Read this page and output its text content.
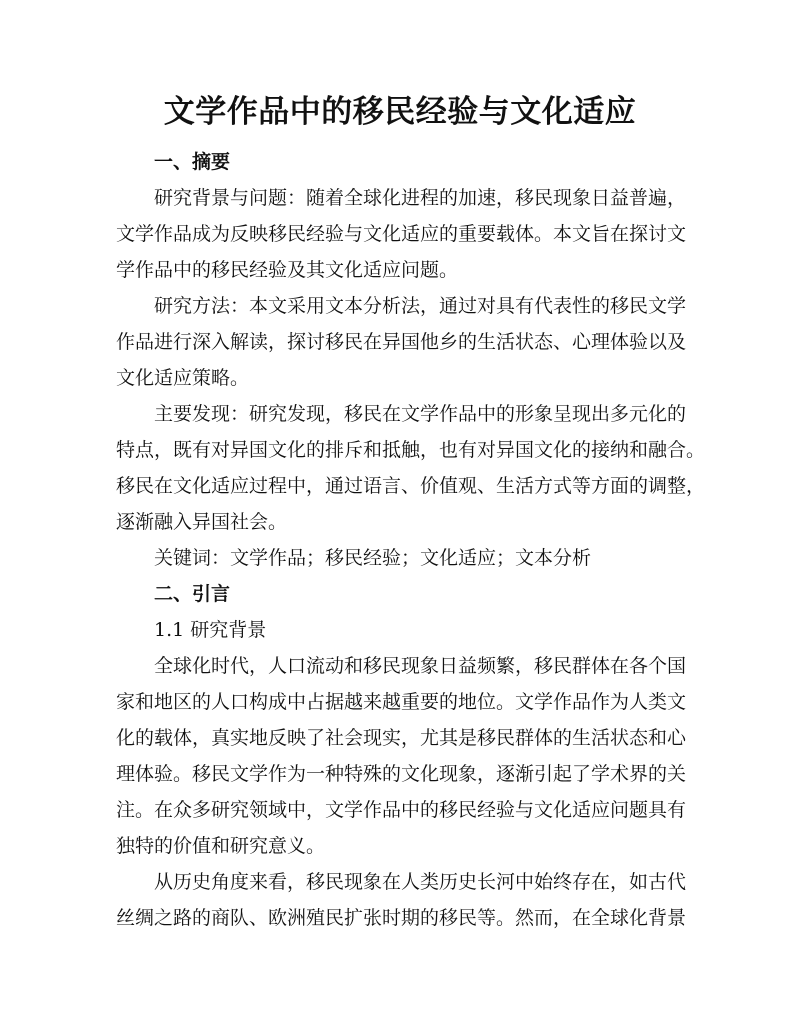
文学作品中的移民经验与文化适应
一、摘要

研究背景与问题：随着全球化进程的加速，移民现象日益普遍，
文学作品成为反映移民经验与文化适应的重要载体。本文旨在探讨文
学作品中的移民经验及其文化适应问题。

研究方法：本文采用文本分析法，通过对具有代表性的移民文学
作品进行深入解读，探讨移民在异国他乡的生活状态、心理体验以及
文化适应策略。

主要发现：研究发现，移民在文学作品中的形象呈现出多元化的
特点，既有对异国文化的排斥和抵触，也有对异国文化的接纳和融合。
移民在文化适应过程中，通过语言、价值观、生活方式等方面的调整，
逐渐融入异国社会。

关键词：文学作品；移民经验；文化适应；文本分析

二、引言

1.1 研究背景

全球化时代，人口流动和移民现象日益频繁，移民群体在各个国
家和地区的人口构成中占据越来越重要的地位。文学作品作为人类文
化的载体，真实地反映了社会现实，尤其是移民群体的生活状态和心
理体验。移民文学作为一种特殊的文化现象，逐渐引起了学术界的关
注。在众多研究领域中，文学作品中的移民经验与文化适应问题具有
独特的价值和研究意义。

从历史角度来看，移民现象在人类历史长河中始终存在，如古代
丝绸之路的商队、欧洲殖民扩张时期的移民等。然而，在全球化背景
